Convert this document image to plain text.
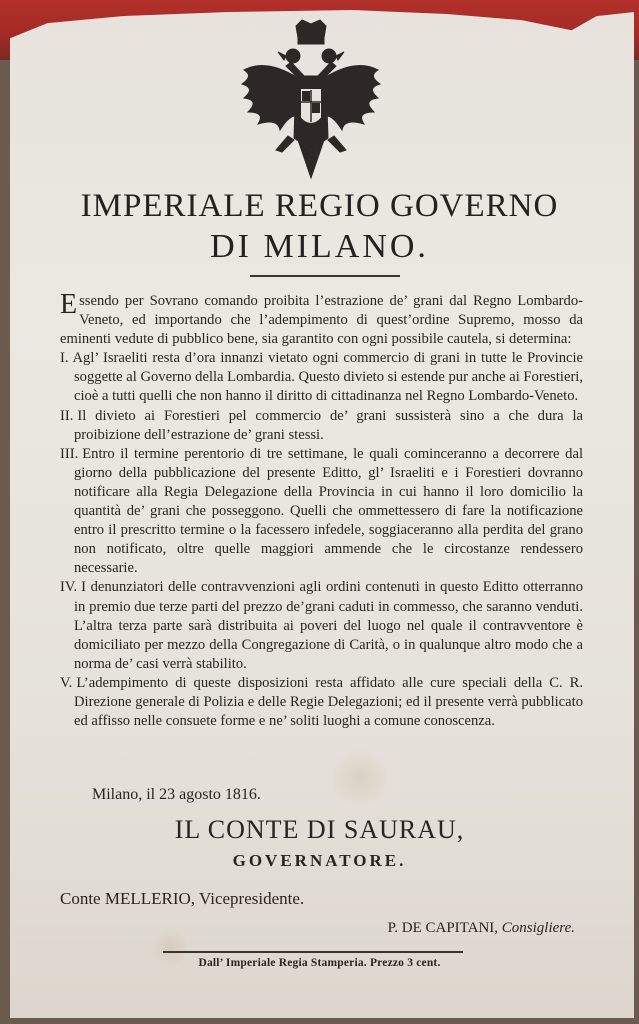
IMPERIALE REGIO GOVERNO
DI MILANO.

Essendo per Sovrano comando proibita l’estrazione de’ grani dal Regno Lombardo-Veneto, ed importando che l’adempimento di quest’ordine Supremo, mosso da eminenti vedute di pubblico bene, sia garantito con ogni possibile cautela, si determina:

I. Agl’ Israeliti resta d’ora innanzi vietato ogni commercio di grani in tutte le Provincie soggette al Governo della Lombardia. Questo divieto si estende pur anche ai Forestieri, cioè a tutti quelli che non hanno il diritto di cittadinanza nel Regno Lombardo-Veneto.

II. Il divieto ai Forestieri pel commercio de’ grani sussisterà sino a che dura la proibizione dell’estrazione de’ grani stessi.

III. Entro il termine perentorio di tre settimane, le quali cominceranno a decorrere dal giorno della pubblicazione del presente Editto, gl’ Israeliti e i Forestieri dovranno notificare alla Regia Delegazione della Provincia in cui hanno il loro domicilio la quantità de’ grani che posseggono. Quelli che ommettessero di fare la notificazione entro il prescritto termine o la facessero infedele, soggiaceranno alla perdita del grano non notificato, oltre quelle maggiori ammende che le circostanze rendessero necessarie.

IV. I denunziatori delle contravvenzioni agli ordini contenuti in questo Editto otterranno in premio due terze parti del prezzo de’grani caduti in commesso, che saranno venduti. L’altra terza parte sarà distribuita ai poveri del luogo nel quale il contravventore è domiciliato per mezzo della Congregazione di Carità, o in qualunque altro modo che a norma de’ casi verrà stabilito.

V. L’adempimento di queste disposizioni resta affidato alle cure speciali della C. R. Direzione generale di Polizia e delle Regie Delegazioni; ed il presente verrà pubblicato ed affisso nelle consuete forme e ne’ soliti luoghi a comune conoscenza.

Milano, il 23 agosto 1816.
IL CONTE DI SAURAU,
GOVERNATORE.
Conte MELLERIO, Vicepresidente.
P. DE CAPITANI, Consigliere.
Dall’ Imperiale Regia Stamperia. Prezzo 3 cent.
